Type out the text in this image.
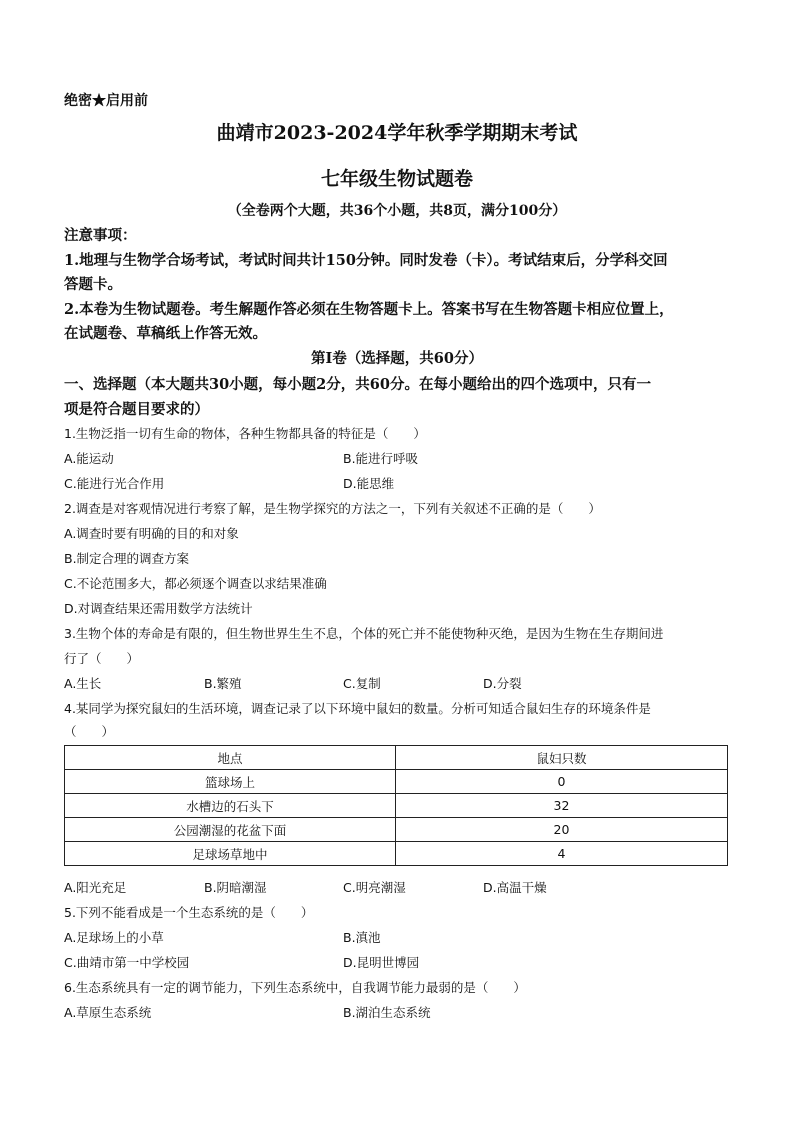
绝密★启用前
曲靖市2023-2024学年秋季学期期末考试
七年级生物试题卷
（全卷两个大题，共36个小题，共8页，满分100分）
注意事项：
1.地理与生物学合场考试，考试时间共计150分钟。同时发卷（卡）。考试结束后，分学科交回
答题卡。
2.本卷为生物试题卷。考生解题作答必须在生物答题卡上。答案书写在生物答题卡相应位置上，
在试题卷、草稿纸上作答无效。
第Ⅰ卷（选择题，共60分）
一、选择题（本大题共30小题，每小题2分，共60分。在每小题给出的四个选项中，只有一
项是符合题目要求的）
1.生物泛指一切有生命的物体，各种生物都具备的特征是（　　）
A.能运动	B.能进行呼吸
C.能进行光合作用	D.能思维
2.调查是对客观情况进行考察了解，是生物学探究的方法之一，下列有关叙述不正确的是（　　）
A.调查时要有明确的目的和对象
B.制定合理的调查方案
C.不论范围多大，都必须逐个调查以求结果准确
D.对调查结果还需用数学方法统计
3.生物个体的寿命是有限的，但生物世界生生不息，个体的死亡并不能使物种灭绝，是因为生物在生存期间进
行了（　　）
A.生长	B.繁殖	C.复制	D.分裂
4.某同学为探究鼠妇的生活环境，调查记录了以下环境中鼠妇的数量。分析可知适合鼠妇生存的环境条件是
（　　）
地点	鼠妇只数
篮球场上	0
水槽边的石头下	32
公园潮湿的花盆下面	20
足球场草地中	4
A.阳光充足	B.阴暗潮湿	C.明亮潮湿	D.高温干燥
5.下列不能看成是一个生态系统的是（　　）
A.足球场上的小草	B.滇池
C.曲靖市第一中学校园	D.昆明世博园
6.生态系统具有一定的调节能力，下列生态系统中，自我调节能力最弱的是（　　）
A.草原生态系统	B.湖泊生态系统
